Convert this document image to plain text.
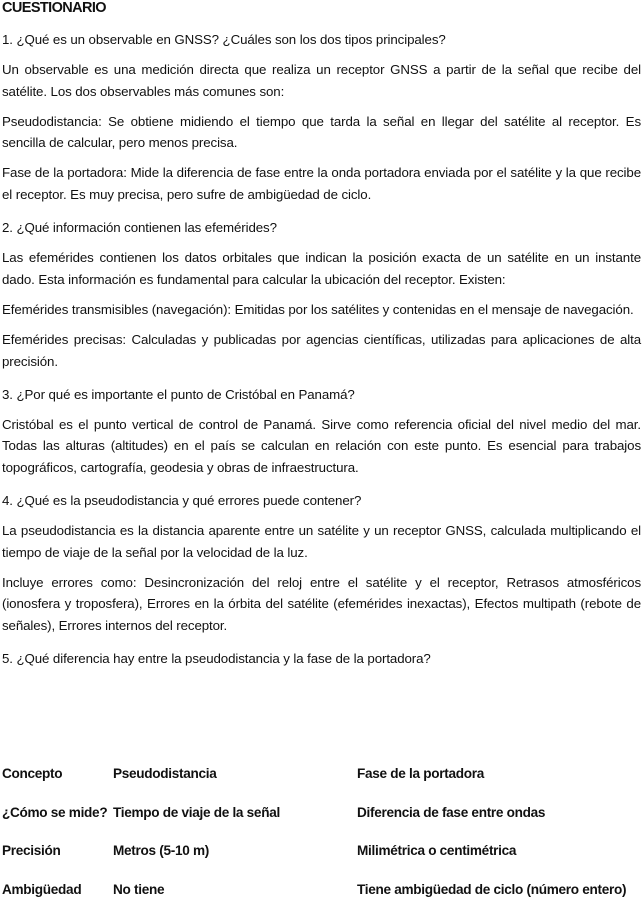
CUESTIONARIO

1. ¿Qué es un observable en GNSS? ¿Cuáles son los dos tipos principales?

Un observable es una medición directa que realiza un receptor GNSS a partir de la señal que recibe del satélite. Los dos observables más comunes son:

Pseudodistancia: Se obtiene midiendo el tiempo que tarda la señal en llegar del satélite al receptor. Es sencilla de calcular, pero menos precisa.

Fase de la portadora: Mide la diferencia de fase entre la onda portadora enviada por el satélite y la que recibe el receptor. Es muy precisa, pero sufre de ambigüedad de ciclo.

2. ¿Qué información contienen las efemérides?

Las efemérides contienen los datos orbitales que indican la posición exacta de un satélite en un instante dado. Esta información es fundamental para calcular la ubicación del receptor. Existen:

Efemérides transmisibles (navegación): Emitidas por los satélites y contenidas en el mensaje de navegación.

Efemérides precisas: Calculadas y publicadas por agencias científicas, utilizadas para aplicaciones de alta precisión.

3. ¿Por qué es importante el punto de Cristóbal en Panamá?

Cristóbal es el punto vertical de control de Panamá. Sirve como referencia oficial del nivel medio del mar. Todas las alturas (altitudes) en el país se calculan en relación con este punto. Es esencial para trabajos topográficos, cartografía, geodesia y obras de infraestructura.

4. ¿Qué es la pseudodistancia y qué errores puede contener?

La pseudodistancia es la distancia aparente entre un satélite y un receptor GNSS, calculada multiplicando el tiempo de viaje de la señal por la velocidad de la luz.

Incluye errores como: Desincronización del reloj entre el satélite y el receptor, Retrasos atmosféricos (ionosfera y troposfera), Errores en la órbita del satélite (efemérides inexactas), Efectos multipath (rebote de señales), Errores internos del receptor.

5. ¿Qué diferencia hay entre la pseudodistancia y la fase de la portadora?

Concepto	Pseudodistancia	Fase de la portadora
¿Cómo se mide?	Tiempo de viaje de la señal	Diferencia de fase entre ondas
Precisión	Metros (5-10 m)	Milimétrica o centimétrica
Ambigüedad	No tiene	Tiene ambigüedad de ciclo (número entero)
